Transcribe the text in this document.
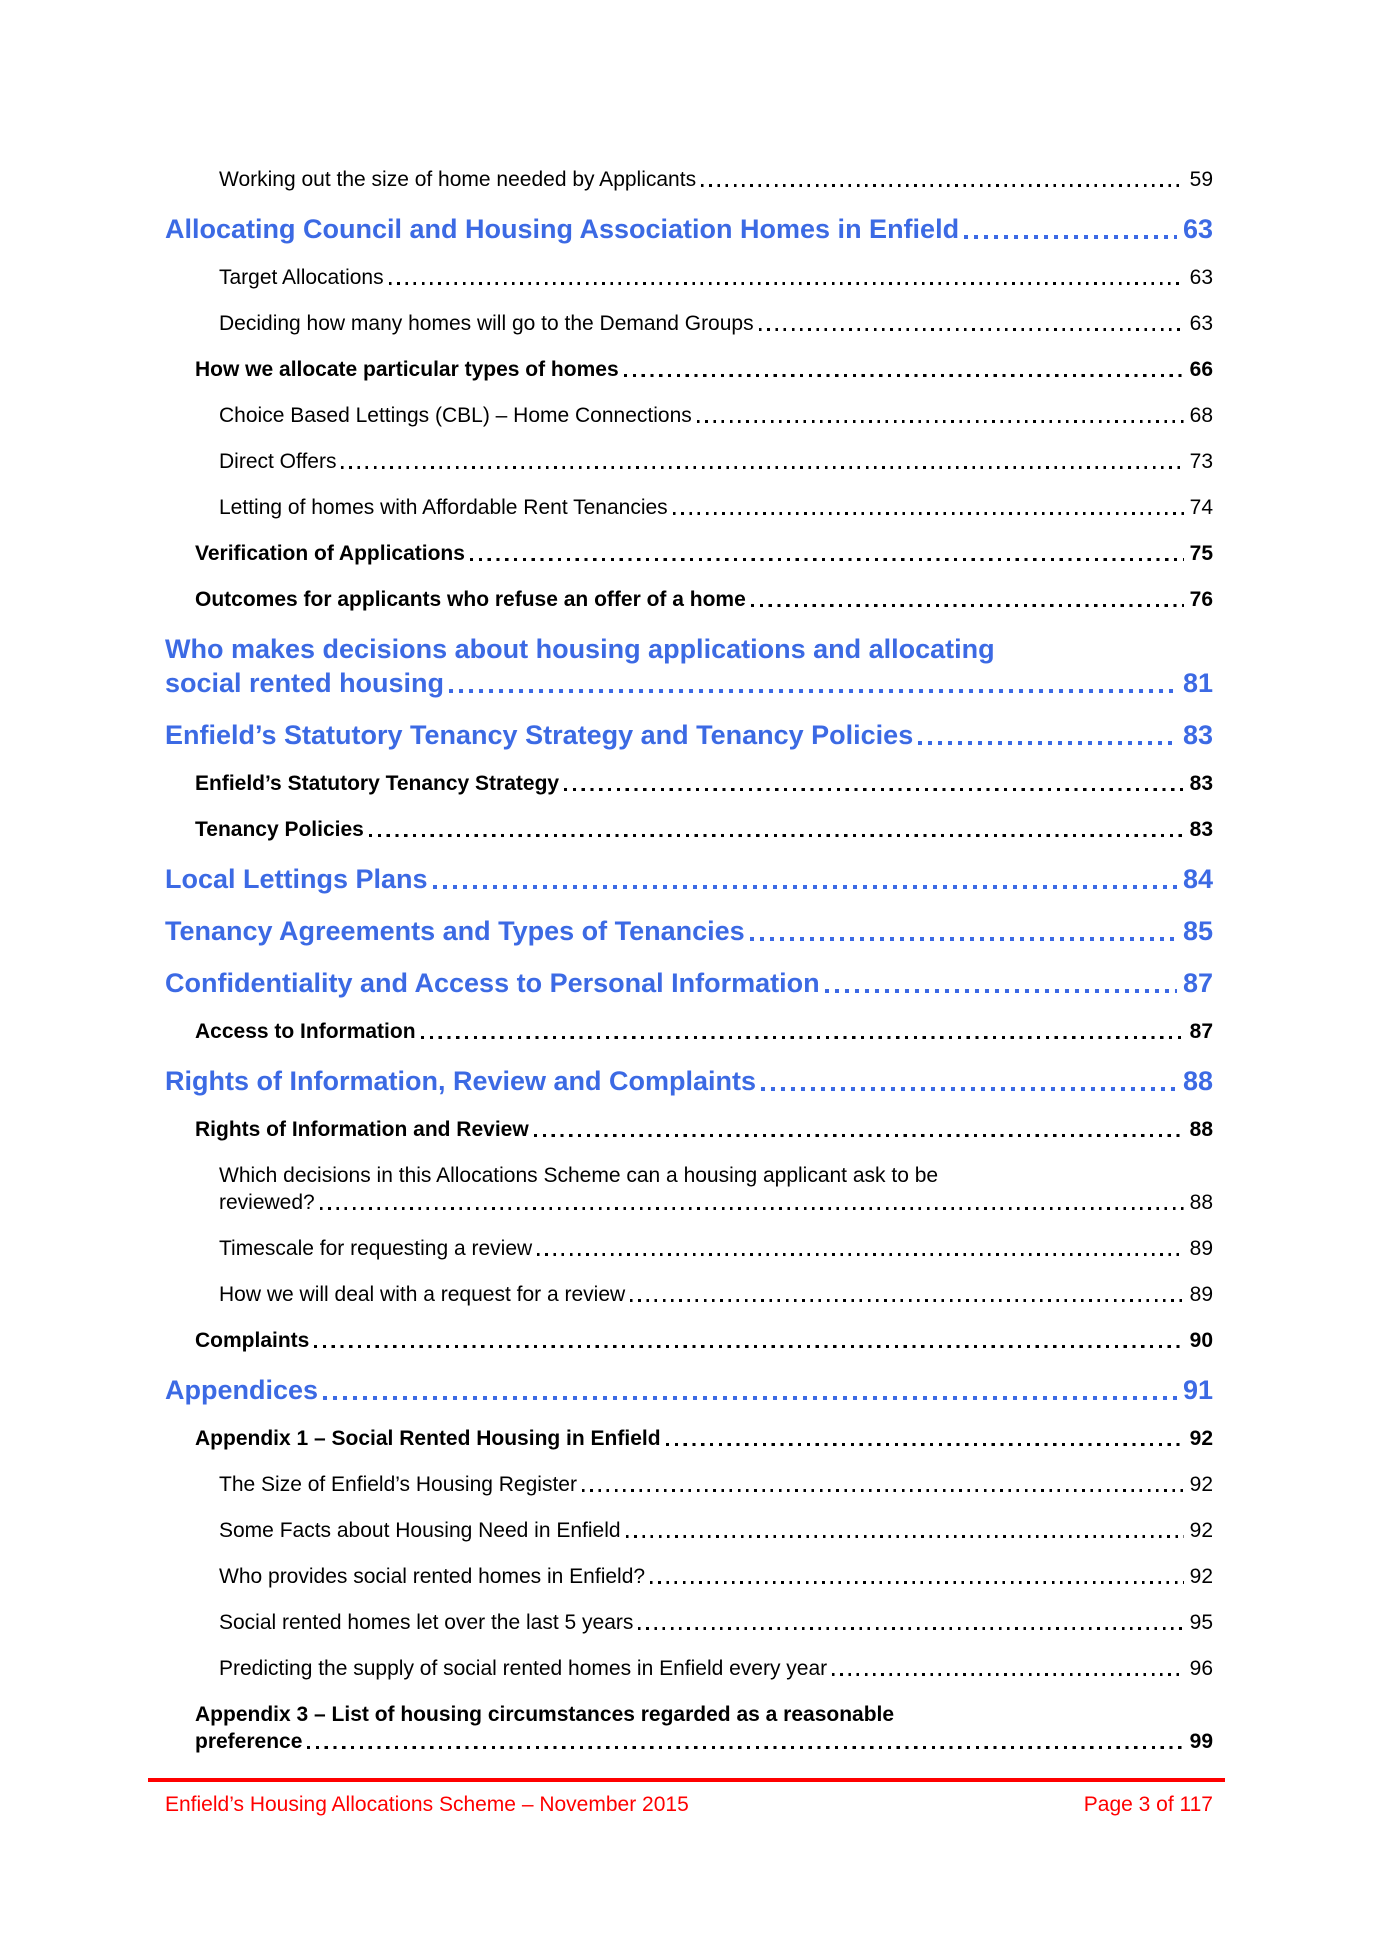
Working out the size of home needed by Applicants	59
Allocating Council and Housing Association Homes in Enfield	63
Target Allocations	63
Deciding how many homes will go to the Demand Groups	63
How we allocate particular types of homes	66
Choice Based Lettings (CBL) – Home Connections	68
Direct Offers	73
Letting of homes with Affordable Rent Tenancies	74
Verification of Applications	75
Outcomes for applicants who refuse an offer of a home	76
Who makes decisions about housing applications and allocating
social rented housing	81
Enfield’s Statutory Tenancy Strategy and Tenancy Policies	83
Enfield’s Statutory Tenancy Strategy	83
Tenancy Policies	83
Local Lettings Plans	84
Tenancy Agreements and Types of Tenancies	85
Confidentiality and Access to Personal Information	87
Access to Information	87
Rights of Information, Review and Complaints	88
Rights of Information and Review	88
Which decisions in this Allocations Scheme can a housing applicant ask to be
reviewed?	88
Timescale for requesting a review	89
How we will deal with a request for a review	89
Complaints	90
Appendices	91
Appendix 1 – Social Rented Housing in Enfield	92
The Size of Enfield’s Housing Register	92
Some Facts about Housing Need in Enfield	92
Who provides social rented homes in Enfield?	92
Social rented homes let over the last 5 years	95
Predicting the supply of social rented homes in Enfield every year	96
Appendix 3 – List of housing circumstances regarded as a reasonable
preference	99
Enfield’s Housing Allocations Scheme – November 2015	Page 3 of 117
